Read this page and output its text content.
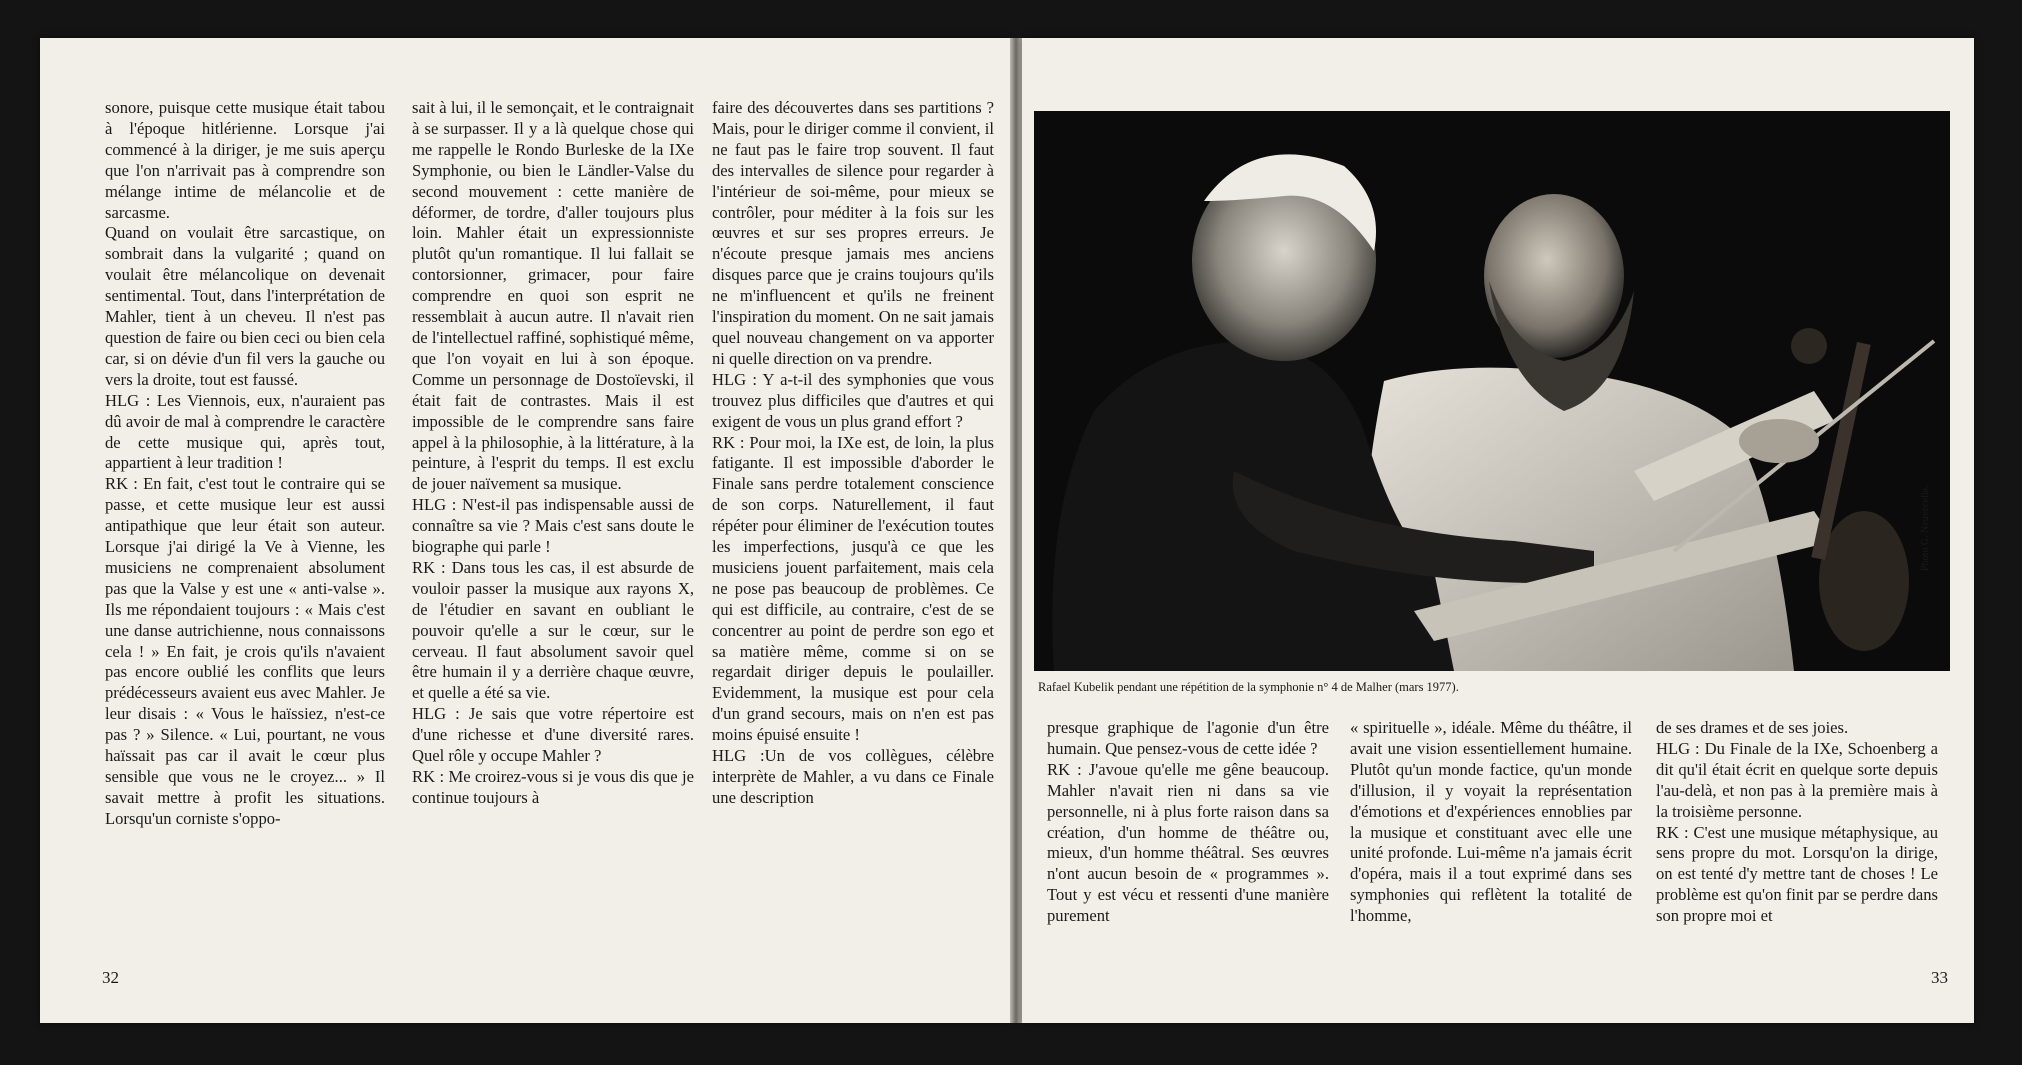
sonore, puisque cette musique était tabou à l'époque hitlérienne. Lorsque j'ai commencé à la diriger, je me suis aperçu que l'on n'arrivait pas à comprendre son mélange intime de mélancolie et de sarcasme.

Quand on voulait être sarcastique, on sombrait dans la vulgarité ; quand on voulait être mélancolique on devenait sentimental. Tout, dans l'interprétation de Mahler, tient à un cheveu. Il n'est pas question de faire ou bien ceci ou bien cela car, si on dévie d'un fil vers la gauche ou vers la droite, tout est faussé.

HLG : Les Viennois, eux, n'auraient pas dû avoir de mal à comprendre le caractère de cette musique qui, après tout, appartient à leur tradition !

RK : En fait, c'est tout le contraire qui se passe, et cette musique leur est aussi antipathique que leur était son auteur. Lorsque j'ai dirigé la Ve à Vienne, les musiciens ne comprenaient absolument pas que la Valse y est une « anti-valse ». Ils me répondaient toujours : « Mais c'est une danse autrichienne, nous connaissons cela ! » En fait, je crois qu'ils n'avaient pas encore oublié les conflits que leurs prédécesseurs avaient eus avec Mahler. Je leur disais : « Vous le haïssiez, n'est-ce pas ? » Silence. « Lui, pourtant, ne vous haïssait pas car il avait le cœur plus sensible que vous ne le croyez... » Il savait mettre à profit les situations. Lorsqu'un corniste s'oppo-

sait à lui, il le semonçait, et le contraignait à se surpasser. Il y a là quelque chose qui me rappelle le Rondo Burleske de la IXe Symphonie, ou bien le Ländler-Valse du second mouvement : cette manière de déformer, de tordre, d'aller toujours plus loin. Mahler était un expressionniste plutôt qu'un romantique. Il lui fallait se contorsionner, grimacer, pour faire comprendre en quoi son esprit ne ressemblait à aucun autre. Il n'avait rien de l'intellectuel raffiné, sophistiqué même, que l'on voyait en lui à son époque. Comme un personnage de Dostoïevski, il était fait de contrastes. Mais il est impossible de le comprendre sans faire appel à la philosophie, à la littérature, à la peinture, à l'esprit du temps. Il est exclu de jouer naïvement sa musique.

HLG : N'est-il pas indispensable aussi de connaître sa vie ? Mais c'est sans doute le biographe qui parle !

RK : Dans tous les cas, il est absurde de vouloir passer la musique aux rayons X, de l'étudier en savant en oubliant le pouvoir qu'elle a sur le cœur, sur le cerveau. Il faut absolument savoir quel être humain il y a derrière chaque œuvre, et quelle a été sa vie.

HLG : Je sais que votre répertoire est d'une richesse et d'une diversité rares. Quel rôle y occupe Mahler ?

RK : Me croirez-vous si je vous dis que je continue toujours à

faire des découvertes dans ses partitions ? Mais, pour le diriger comme il convient, il ne faut pas le faire trop souvent. Il faut des intervalles de silence pour regarder à l'intérieur de soi-même, pour mieux se contrôler, pour méditer à la fois sur les œuvres et sur ses propres erreurs. Je n'écoute presque jamais mes anciens disques parce que je crains toujours qu'ils ne m'influencent et qu'ils ne freinent l'inspiration du moment. On ne sait jamais quel nouveau changement on va apporter ni quelle direction on va prendre.

HLG : Y a-t-il des symphonies que vous trouvez plus difficiles que d'autres et qui exigent de vous un plus grand effort ?

RK : Pour moi, la IXe est, de loin, la plus fatigante. Il est impossible d'aborder le Finale sans perdre totalement conscience de son corps. Naturellement, il faut répéter pour éliminer de l'exécution toutes les imperfections, jusqu'à ce que les musiciens jouent parfaitement, mais cela ne pose pas beaucoup de problèmes. Ce qui est difficile, au contraire, c'est de se concentrer au point de perdre son ego et sa matière même, comme si on se regardait diriger depuis le poulailler. Evidemment, la musique est pour cela d'un grand secours, mais on n'en est pas moins épuisé ensuite !

HLG :Un de vos collègues, célèbre interprète de Mahler, a vu dans ce Finale une description

32
Rafael Kubelik pendant une répétition de la symphonie n° 4 de Malher (mars 1977).
Photo G. Neuvecelle.

presque graphique de l'agonie d'un être humain. Que pensez-vous de cette idée ?

RK : J'avoue qu'elle me gêne beaucoup. Mahler n'avait rien ni dans sa vie personnelle, ni à plus forte raison dans sa création, d'un homme de théâtre ou, mieux, d'un homme théâtral. Ses œuvres n'ont aucun besoin de « programmes ». Tout y est vécu et ressenti d'une manière purement

« spirituelle », idéale. Même du théâtre, il avait une vision essentiellement humaine. Plutôt qu'un monde factice, qu'un monde d'illusion, il y voyait la représentation d'émotions et d'expériences ennoblies par la musique et constituant avec elle une unité profonde. Lui-même n'a jamais écrit d'opéra, mais il a tout exprimé dans ses symphonies qui reflètent la totalité de l'homme,

de ses drames et de ses joies.

HLG : Du Finale de la IXe, Schoenberg a dit qu'il était écrit en quelque sorte depuis l'au-delà, et non pas à la première mais à la troisième personne.

RK : C'est une musique métaphysique, au sens propre du mot. Lorsqu'on la dirige, on est tenté d'y mettre tant de choses ! Le problème est qu'on finit par se perdre dans son propre moi et

33
